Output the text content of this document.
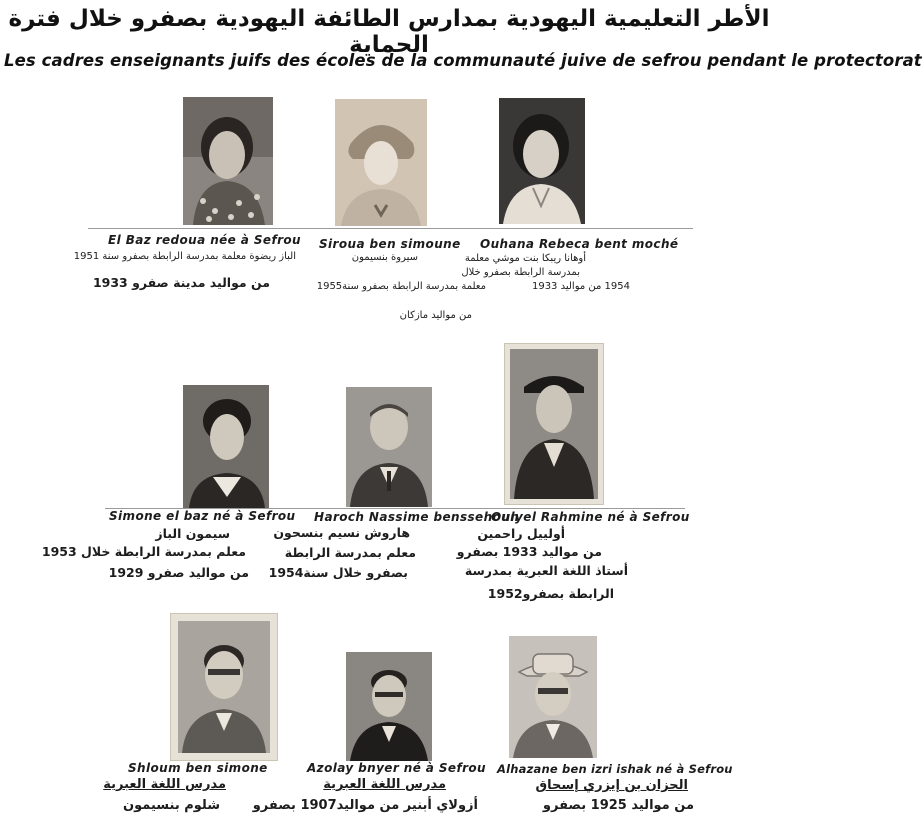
الأطر التعليمية اليهودية بمدارس الطائفة اليهودية بصفرو خلال فترة الحماية
Les cadres enseignants juifs des écoles de la communauté juive de sefrou pendant le protectorat
El Baz redoua née à Sefrou
الباز ريضوة معلمة بمدرسة الرابطة بصفرو سنة 1951
من مواليد مدينة صفرو 1933
Siroua ben simoune
سيروة بنسيمون
معلمة بمدرسة الرابطة بصفرو سنة1955
من مواليد مازكان
Ouhana Rebeca bent moché
أوهانا ريبكا بنت موشي معلمة
بمدرسة الرابطة بصفرو خلال
1954 من مواليد 1933
Simone el baz né à Sefrou
سيمون الباز
معلم بمدرسة الرابطة خلال 1953
من مواليد صفرو 1929
Haroch Nassime benssehoun
هاروش نسيم بنسحون
معلم بمدرسة الرابطة
بصفرو خلال سنة1954
Oulyel Rahmine né à Sefrou
أولييل راحمين
من مواليد 1933 بصفرو
أستاذ اللغة العبرية بمدرسة
الرابطة بصفرو1952
Shloum ben simone
مدرس اللغة العبرية
شلوم بنسيمون
Azolay bnyer né à Sefrou
مدرس اللغة العبرية
أزولاي أبنير من مواليد1907 بصفرو
Alhazane ben izri ishak né à Sefrou
الحزان بن إيزري إسحاق
من مواليد 1925 بصفرو
